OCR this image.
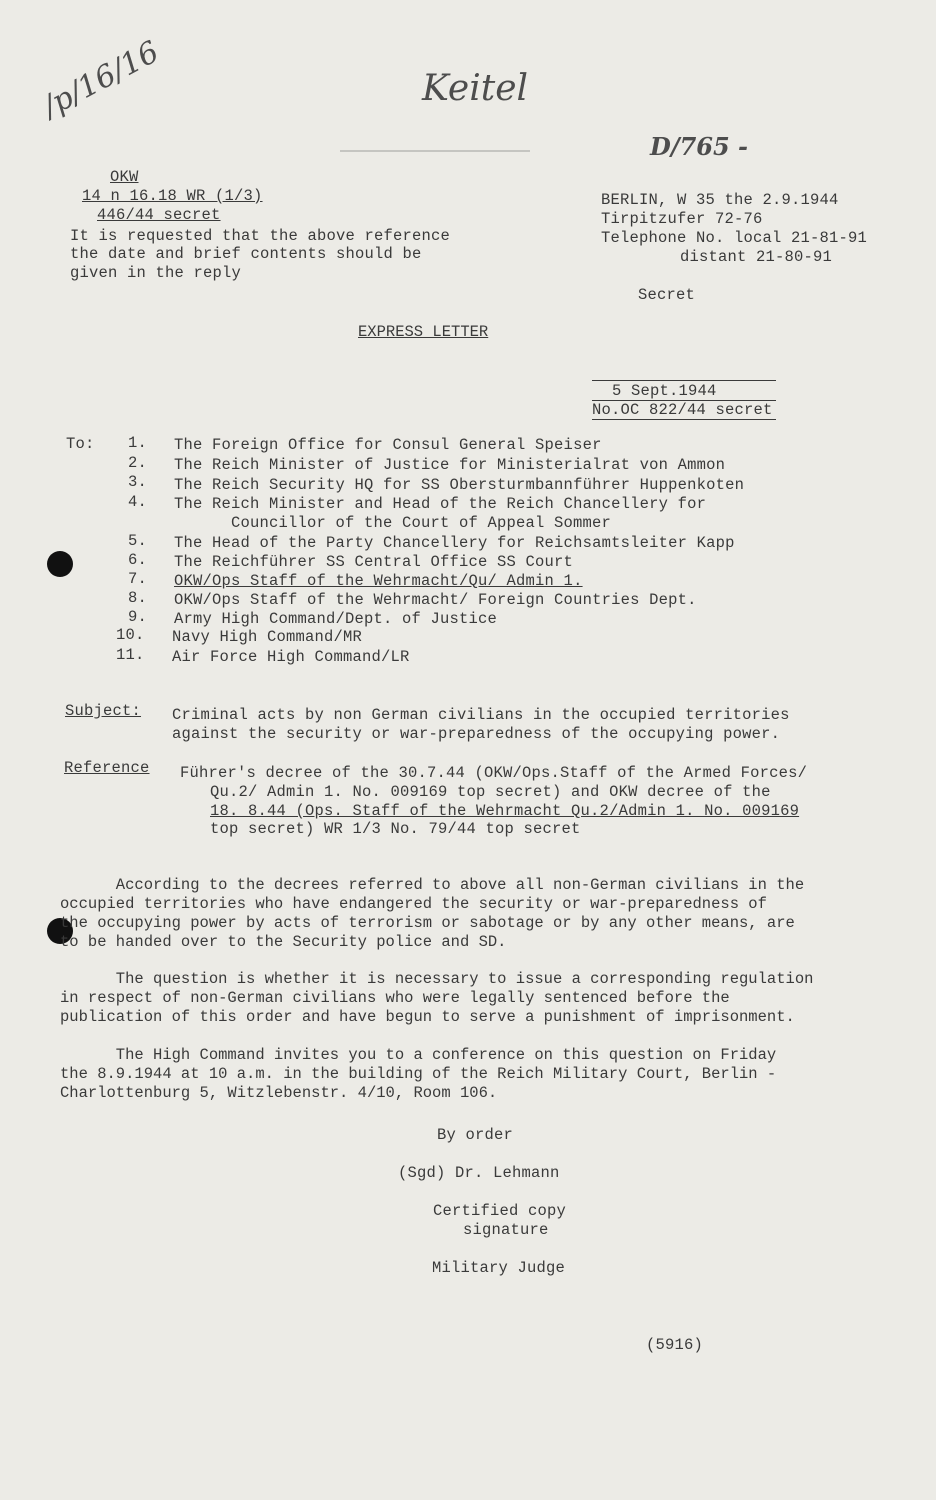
/p/16/16	Keitel
D/765 -
OKW
14 n 16.18 WR (1/3)
446/44 secret
It is requested that the above reference
the date and brief contents should be
given in the reply
BERLIN, W 35 the 2.9.1944
Tirpitzufer 72-76
Telephone No. local 21-81-91
distant 21-80-91
Secret
EXPRESS LETTER
5 Sept.1944
No.OC 822/44 secret
To: 1. The Foreign Office for Consul General Speiser
2. The Reich Minister of Justice for Ministerialrat von Ammon
3. The Reich Security HQ for SS Obersturmbannführer Huppenkoten
4. The Reich Minister and Head of the Reich Chancellery for
Councillor of the Court of Appeal Sommer
5. The Head of the Party Chancellery for Reichsamtsleiter Kapp
6. The Reichführer SS Central Office SS Court
7. OKW/Ops Staff of the Wehrmacht/Qu/ Admin 1.
8. OKW/Ops Staff of the Wehrmacht/ Foreign Countries Dept.
9. Army High Command/Dept. of Justice
10. Navy High Command/MR
11. Air Force High Command/LR
Subject: Criminal acts by non German civilians in the occupied territories
against the security or war-preparedness of the occupying power.
Reference Führer's decree of the 30.7.44 (OKW/Ops.Staff of the Armed Forces/
Qu.2/ Admin 1. No. 009169 top secret) and OKW decree of the
18. 8.44 (Ops. Staff of the Wehrmacht Qu.2/Admin 1. No. 009169
top secret) WR 1/3 No. 79/44 top secret
According to the decrees referred to above all non-German civilians in the
occupied territories who have endangered the security or war-preparedness of
the occupying power by acts of terrorism or sabotage or by any other means, are
to be handed over to the Security police and SD.
The question is whether it is necessary to issue a corresponding regulation
in respect of non-German civilians who were legally sentenced before the
publication of this order and have begun to serve a punishment of imprisonment.
The High Command invites you to a conference on this question on Friday
the 8.9.1944 at 10 a.m. in the building of the Reich Military Court, Berlin -
Charlottenburg 5, Witzlebenstr. 4/10, Room 106.
By order
(Sgd) Dr. Lehmann
Certified copy
signature
Military Judge
(5916)
